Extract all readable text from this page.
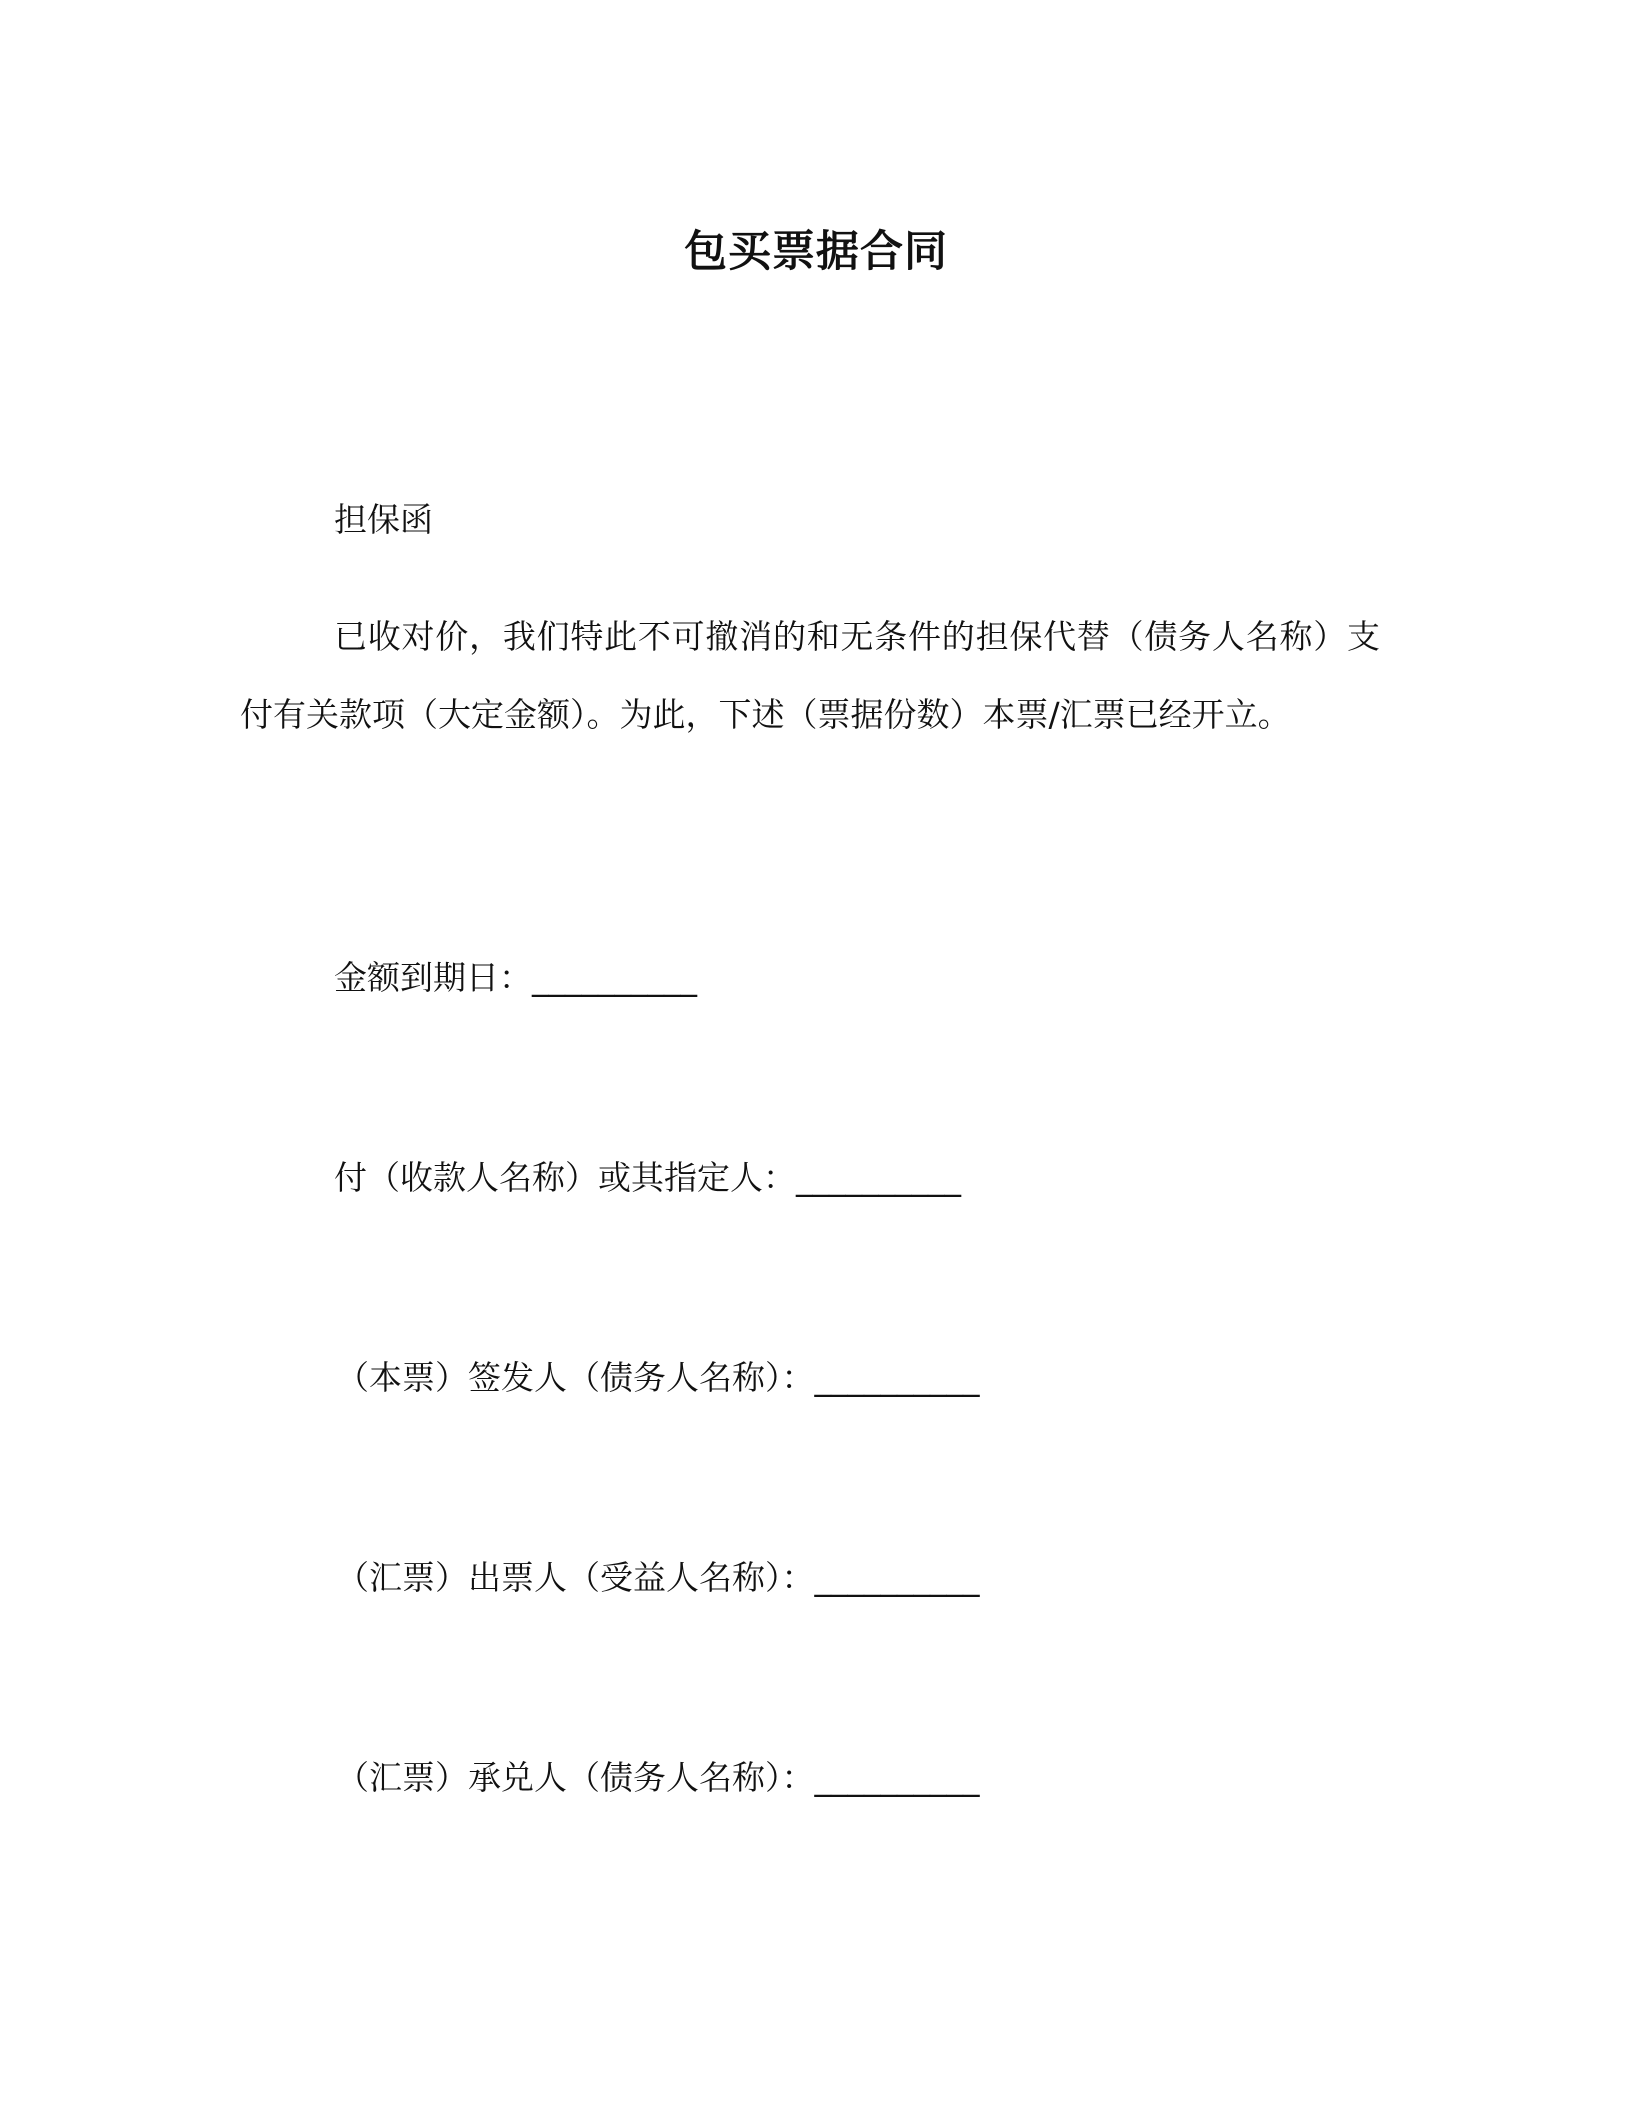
包买票据合同
担保函
已收对价，我们特此不可撤消的和无条件的担保代替（债务人名称）支付有关款项（大定金额）。为此，下述（票据份数）本票/汇票已经开立。
金额到期日：__________
付（收款人名称）或其指定人：__________
（本票）签发人（债务人名称）：__________
（汇票）出票人（受益人名称）：__________
（汇票）承兑人（债务人名称）：__________
